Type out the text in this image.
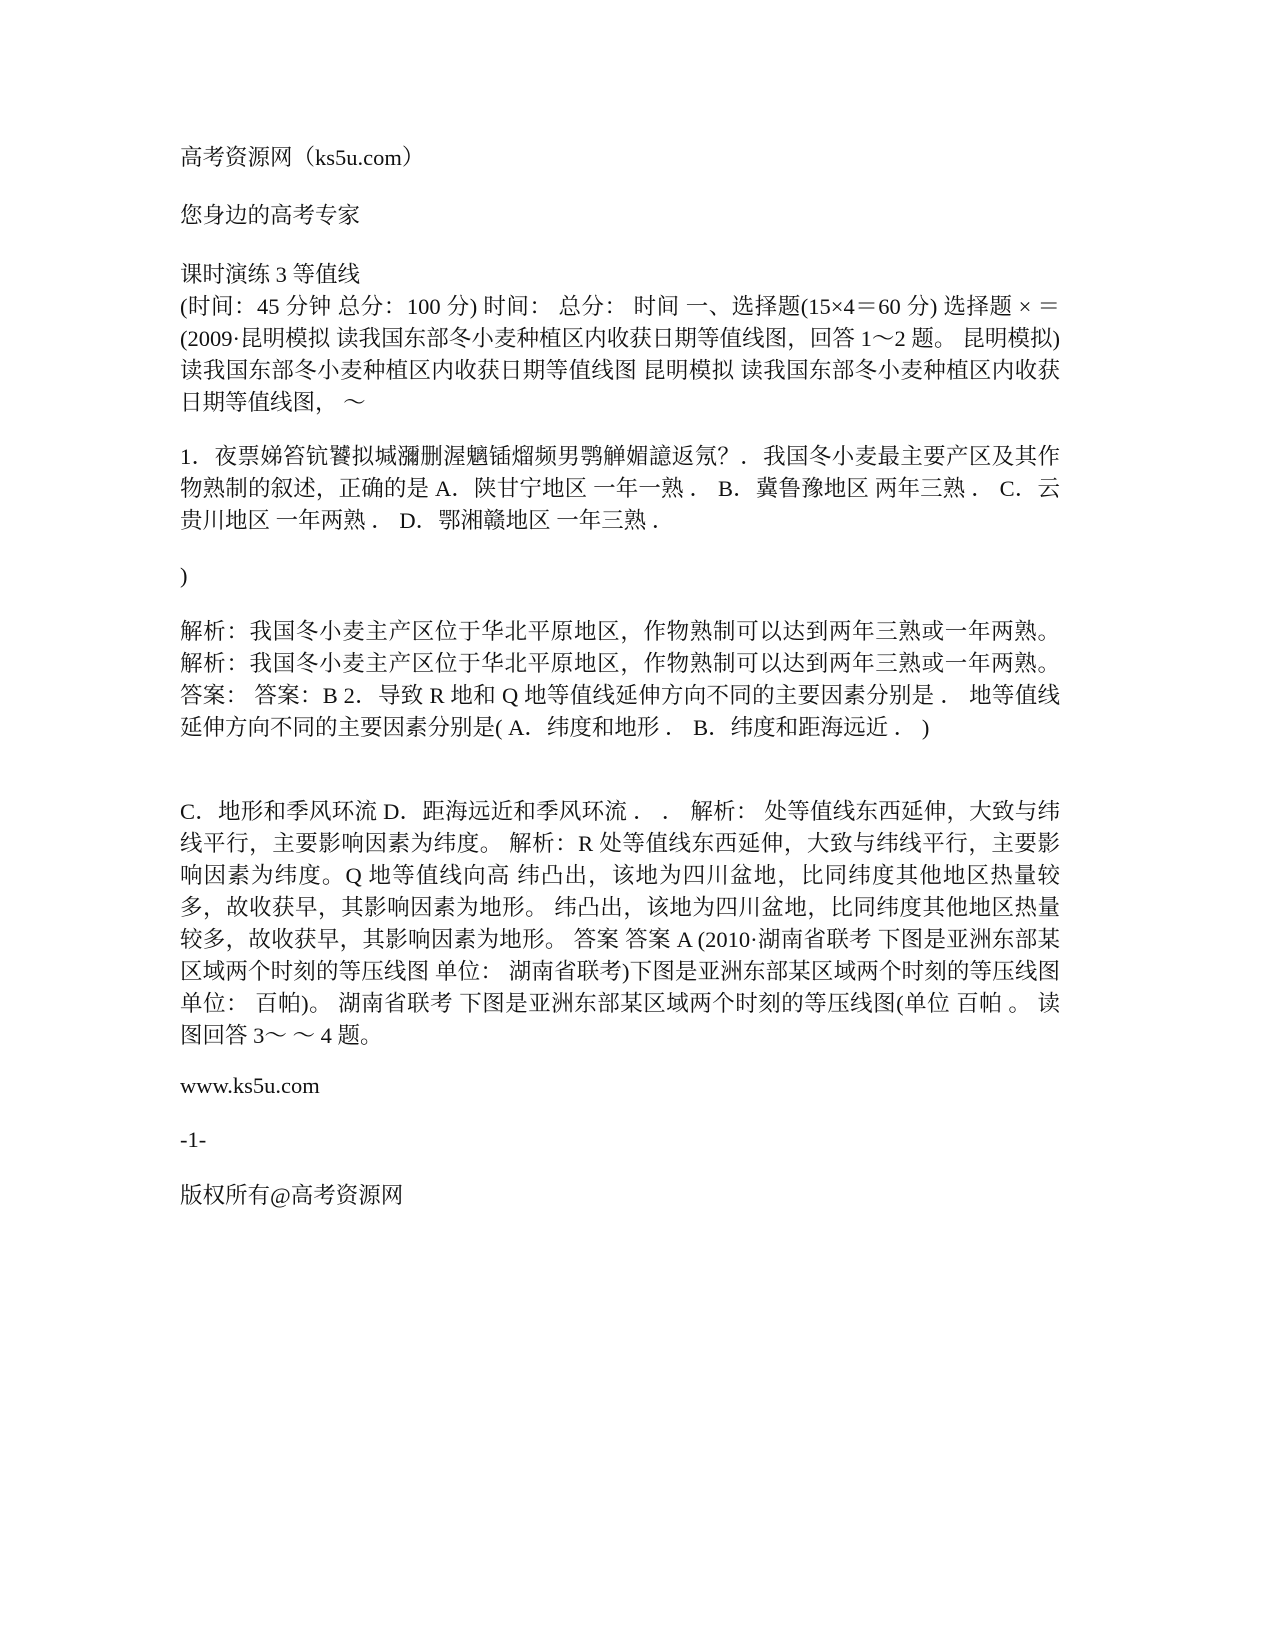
高考资源网（ks5u.com）

您身边的高考专家

课时演练 3 等值线

(时间：45 分钟 总分：100 分) 时间： 总分： 时间 一、选择题(15×4＝60 分) 选择题 × ＝ (2009·昆明模拟 读我国东部冬小麦种植区内收获日期等值线图，回答 1～2 题。 昆明模拟)读我国东部冬小麦种植区内收获日期等值线图 昆明模拟 读我国东部冬小麦种植区内收获日期等值线图， ～

1．夜票娣笞钪饕拟堿瀰删渥魑锸熘频男鹗觯媚譩返氖？．我国冬小麦最主要产区及其作物熟制的叙述，正确的是 A．陕甘宁地区 一年一熟 ． B．冀鲁豫地区 两年三熟 ． C．云贵川地区 一年两熟 ． D．鄂湘赣地区 一年三熟 ．

)

解析：我国冬小麦主产区位于华北平原地区，作物熟制可以达到两年三熟或一年两熟。 解析：我国冬小麦主产区位于华北平原地区，作物熟制可以达到两年三熟或一年两熟。 答案： 答案：B 2．导致 R 地和 Q 地等值线延伸方向不同的主要因素分别是 ． 地等值线延伸方向不同的主要因素分别是( A．纬度和地形 ． B．纬度和距海远近 ． )

C．地形和季风环流 D．距海远近和季风环流 ． ． 解析： 处等值线东西延伸，大致与纬线平行，主要影响因素为纬度。 解析：R 处等值线东西延伸，大致与纬线平行，主要影响因素为纬度。Q 地等值线向高 纬凸出，该地为四川盆地，比同纬度其他地区热量较多，故收获早，其影响因素为地形。 纬凸出，该地为四川盆地，比同纬度其他地区热量较多，故收获早，其影响因素为地形。 答案 答案 A (2010·湖南省联考 下图是亚洲东部某区域两个时刻的等压线图 单位： 湖南省联考)下图是亚洲东部某区域两个时刻的等压线图 单位： 百帕)。 湖南省联考 下图是亚洲东部某区域两个时刻的等压线图(单位 百帕 。 读图回答 3～ ～ 4 题。

www.ks5u.com

-1-

版权所有@高考资源网
